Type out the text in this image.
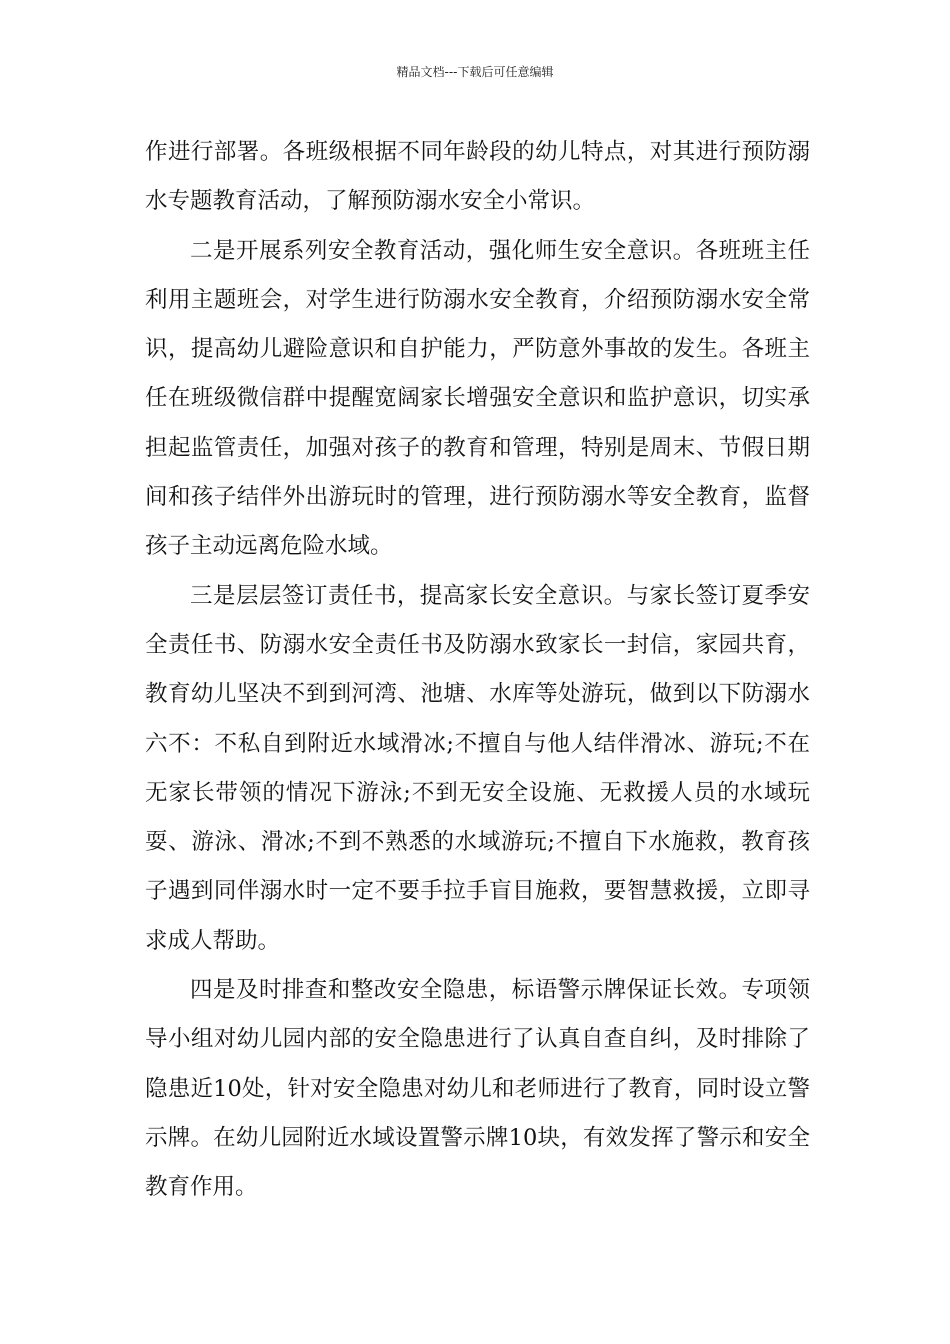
精品文档---下载后可任意编辑

作进行部署。各班级根据不同年龄段的幼儿特点，对其进行预防溺水专题教育活动，了解预防溺水安全小常识。

二是开展系列安全教育活动，强化师生安全意识。各班班主任利用主题班会，对学生进行防溺水安全教育，介绍预防溺水安全常识，提高幼儿避险意识和自护能力，严防意外事故的发生。各班主任在班级微信群中提醒宽阔家长增强安全意识和监护意识，切实承担起监管责任，加强对孩子的教育和管理，特别是周末、节假日期间和孩子结伴外出游玩时的管理，进行预防溺水等安全教育，监督孩子主动远离危险水域。

三是层层签订责任书，提高家长安全意识。与家长签订夏季安全责任书、防溺水安全责任书及防溺水致家长一封信，家园共育，教育幼儿坚决不到到河湾、池塘、水库等处游玩，做到以下防溺水六不：不私自到附近水域滑冰;不擅自与他人结伴滑冰、游玩;不在无家长带领的情况下游泳;不到无安全设施、无救援人员的水域玩耍、游泳、滑冰;不到不熟悉的水域游玩;不擅自下水施救，教育孩子遇到同伴溺水时一定不要手拉手盲目施救，要智慧救援，立即寻求成人帮助。

四是及时排查和整改安全隐患，标语警示牌保证长效。专项领导小组对幼儿园内部的安全隐患进行了认真自查自纠，及时排除了隐患近10处，针对安全隐患对幼儿和老师进行了教育，同时设立警示牌。在幼儿园附近水域设置警示牌10块，有效发挥了警示和安全教育作用。
